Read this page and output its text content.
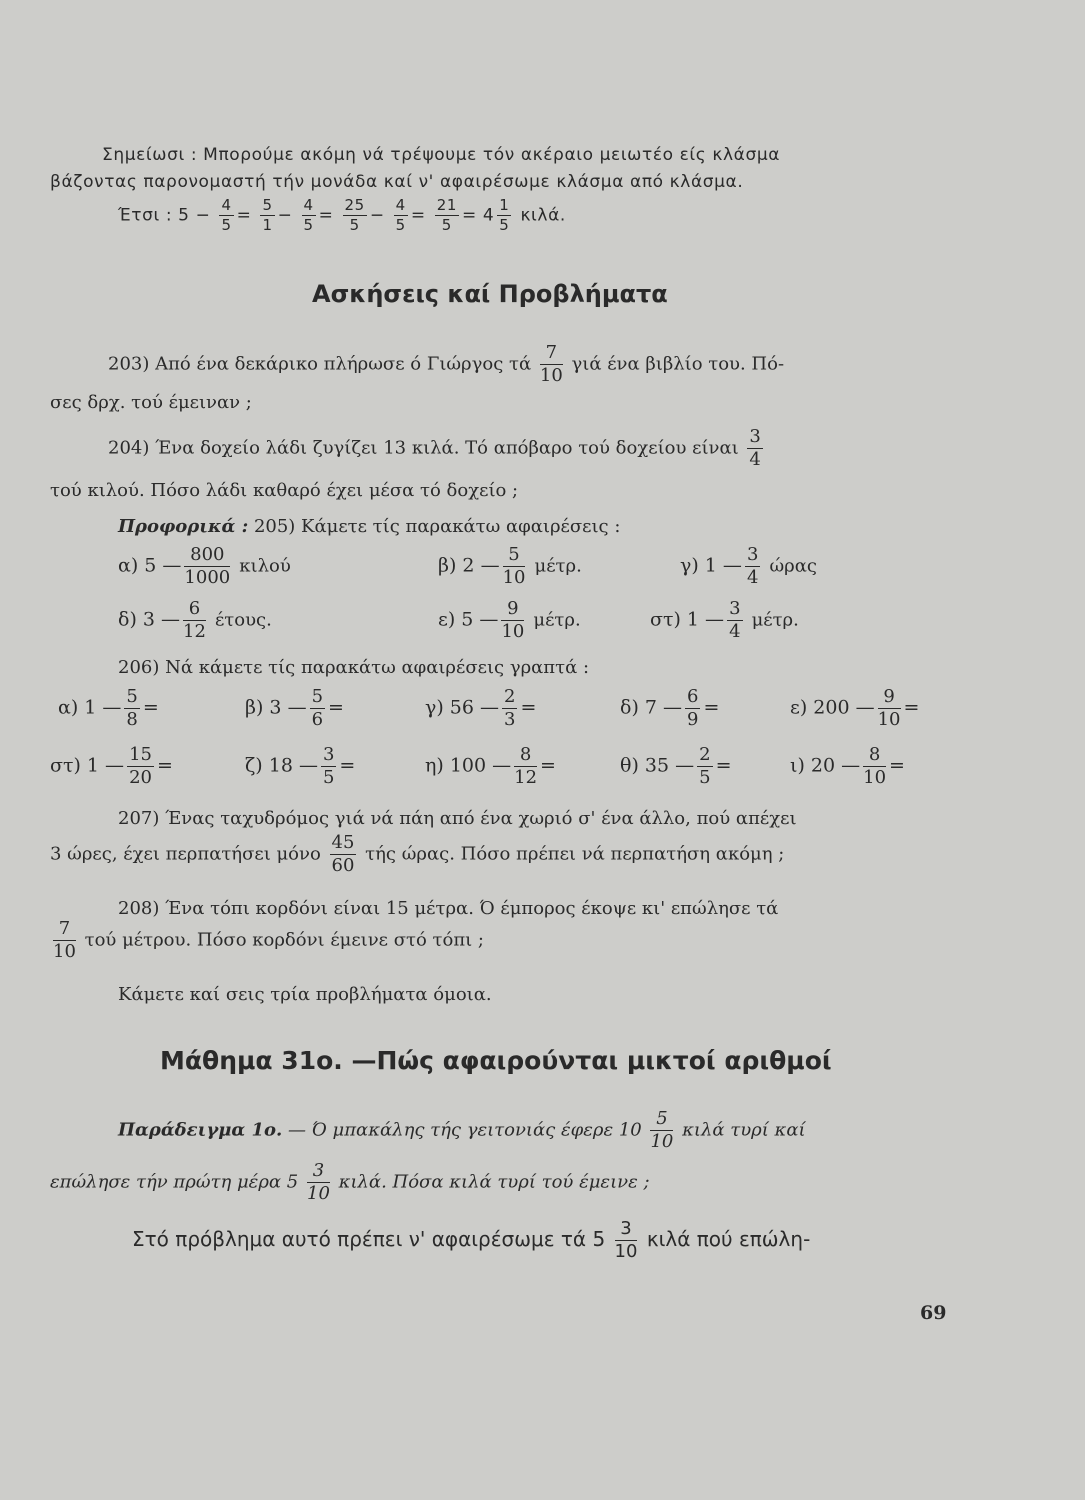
Σημείωσι : Μπορούμε ακόμη νά τρέψουμε τόν ακέραιο μειωτέο είς κλάσμα
βάζοντας παρονομαστή τήν μονάδα καί ν' αφαιρέσωμε κλάσμα από κλάσμα.
Έτσι : $5 - \frac{4}{5} = \frac{5}{1} - \frac{4}{5} = \frac{25}{5} - \frac{4}{5} = \frac{21}{5} = 4 \frac{1}{5} \kappa\iota\lambda ά$.
Ασκήσεις καί Προβλήματα
203) Από ένα δεκάρικο πλήρωσε ό Γιώργος τά $\frac{7}{10}$ γιά ένα βιβλίο του. Πό-
σες δρχ. τού έμειναν ;
204) Ένα δοχείο λάδι ζυγίζει 13 κιλά. Τό απόβαρο τού δοχείου είναι $\frac{3}{4}$
τού κιλού. Πόσο λάδι καθαρό έχει μέσα τό δοχείο ;
Προφορικά : 205) Κάμετε τίς παρακάτω αφαιρέσεις :
α) 5 — $\frac{800}{1000}$ κιλού	β) 2 — $\frac{5}{10} \mu έ\tau\rho$.	γ) 1 — $\frac{3}{4}$ ώρας
δ) 3 — $\frac{6}{12} έ\tau o\upsilon\varsigma$.	ε) 5 — $\frac{9}{10} \mu έ\tau\rho$.	στ) 1 — $\frac{3}{4} \mu έ\tau\rho$.
206) Νά κάμετε τίς παρακάτω αφαιρέσεις γραπτά :
α) 1 — $\frac{5}{8}$ =	β) 3 — $\frac{5}{6}$ =	γ) 56 — $\frac{2}{3}$ =	δ) 7 — $\frac{6}{9}$ =	ε) 200 — $\frac{9}{10}$ =
στ) 1 — $\frac{15}{20}$ =	ζ) 18 — $\frac{3}{5}$ =	η) 100 — $\frac{8}{12}$ =	θ) 35 — $\frac{2}{5}$ =	ι) 20 — $\frac{8}{10}$ =
207) Ένας ταχυδρόμος γιά νά πάη από ένα χωριό σ' ένα άλλο, πού απέχει
3 ώρες, έχει περπατήσει μόνο $\frac{45}{60}$ τής ώρας. Πόσο πρέπει νά περπατήση ακόμη ;
208) Ένα τόπι κορδόνι είναι 15 μέτρα. Ό έμπορος έκοψε κι' επώλησε τά
$\frac{7}{10}$ τού μέτρου. Πόσο κορδόνι έμεινε στό τόπι ;
Κάμετε καί σεις τρία προβλήματα όμοια.
Μάθημα 31ο. —Πώς αφαιρούνται μικτοί αριθμοί
Παράδειγμα 1ο. — Ό μπακάλης τής γειτονιάς έφερε $10 \frac{5}{10}$ κιλά τυρί καί
επώλησε τήν πρώτη μέρα $5 \frac{3}{10} \kappa\iota\lambda ά$. Πόσα κιλά τυρί τού έμεινε ;
Στό πρόβλημα αυτό πρέπει ν' αφαιρέσωμε τά $5 \frac{3}{10}$ κιλά πού επώλη-
69
